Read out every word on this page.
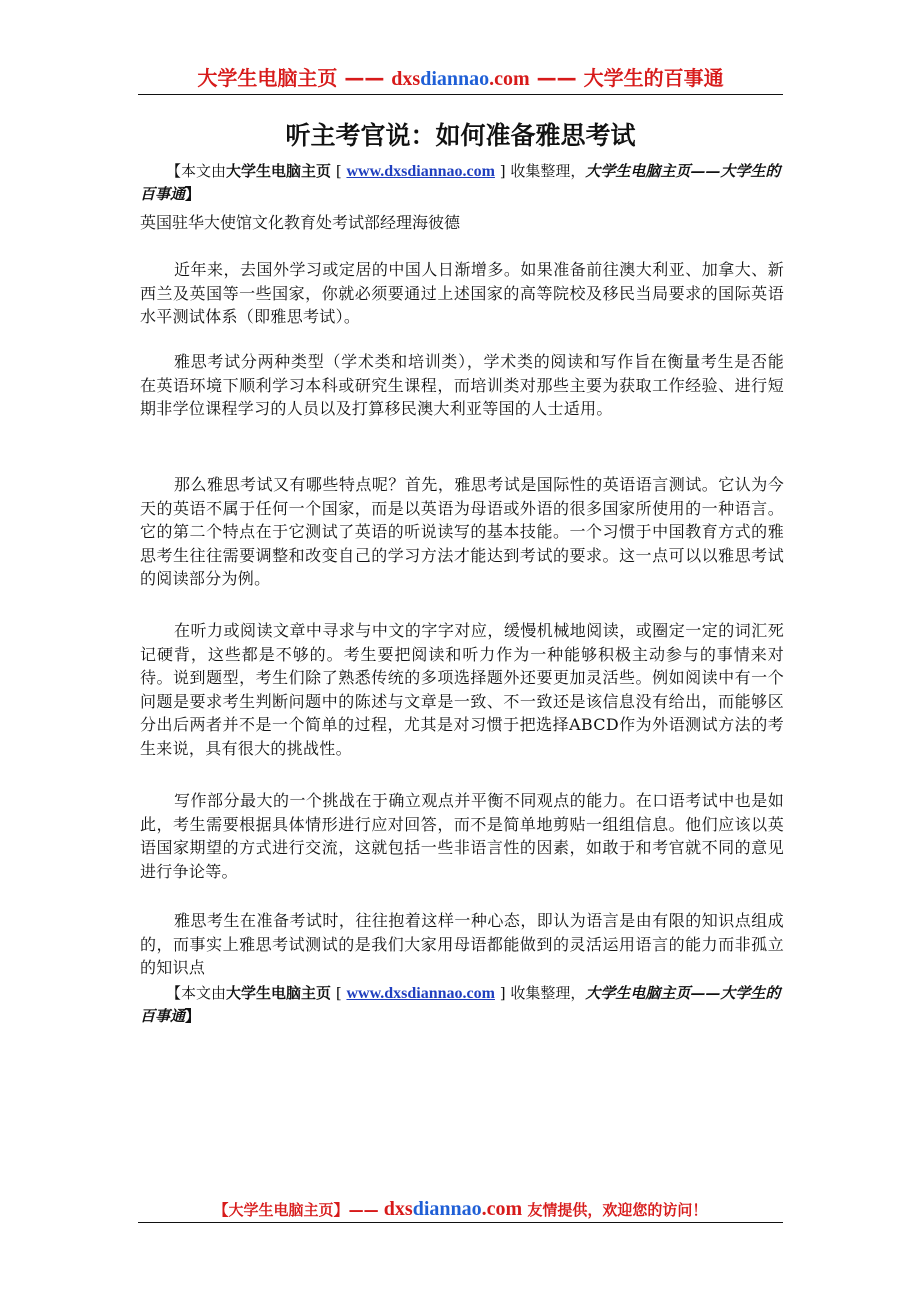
大学生电脑主页 —— dxsdiannao.com —— 大学生的百事通
听主考官说：如何准备雅思考试
【本文由大学生电脑主页 [ www.dxsdiannao.com ] 收集整理，大学生电脑主页——大学生的百事通】
英国驻华大使馆文化教育处考试部经理海彼德
近年来，去国外学习或定居的中国人日渐增多。如果准备前往澳大利亚、加拿大、新西兰及英国等一些国家，你就必须要通过上述国家的高等院校及移民当局要求的国际英语水平测试体系（即雅思考试）。
雅思考试分两种类型（学术类和培训类），学术类的阅读和写作旨在衡量考生是否能在英语环境下顺利学习本科或研究生课程，而培训类对那些主要为获取工作经验、进行短期非学位课程学习的人员以及打算移民澳大利亚等国的人士适用。
那么雅思考试又有哪些特点呢？首先，雅思考试是国际性的英语语言测试。它认为今天的英语不属于任何一个国家，而是以英语为母语或外语的很多国家所使用的一种语言。它的第二个特点在于它测试了英语的听说读写的基本技能。一个习惯于中国教育方式的雅思考生往往需要调整和改变自己的学习方法才能达到考试的要求。这一点可以以雅思考试的阅读部分为例。
在听力或阅读文章中寻求与中文的字字对应，缓慢机械地阅读，或圈定一定的词汇死记硬背，这些都是不够的。考生要把阅读和听力作为一种能够积极主动参与的事情来对待。说到题型，考生们除了熟悉传统的多项选择题外还要更加灵活些。例如阅读中有一个问题是要求考生判断问题中的陈述与文章是一致、不一致还是该信息没有给出，而能够区分出后两者并不是一个简单的过程，尤其是对习惯于把选择ABCD作为外语测试方法的考生来说，具有很大的挑战性。
写作部分最大的一个挑战在于确立观点并平衡不同观点的能力。在口语考试中也是如此，考生需要根据具体情形进行应对回答，而不是简单地剪贴一组组信息。他们应该以英语国家期望的方式进行交流，这就包括一些非语言性的因素，如敢于和考官就不同的意见进行争论等。
雅思考生在准备考试时，往往抱着这样一种心态，即认为语言是由有限的知识点组成的，而事实上雅思考试测试的是我们大家用母语都能做到的灵活运用语言的能力而非孤立的知识点
【本文由大学生电脑主页 [ www.dxsdiannao.com ] 收集整理，大学生电脑主页——大学生的百事通】
【大学生电脑主页】—— dxsdiannao.com 友情提供，欢迎您的访问！
